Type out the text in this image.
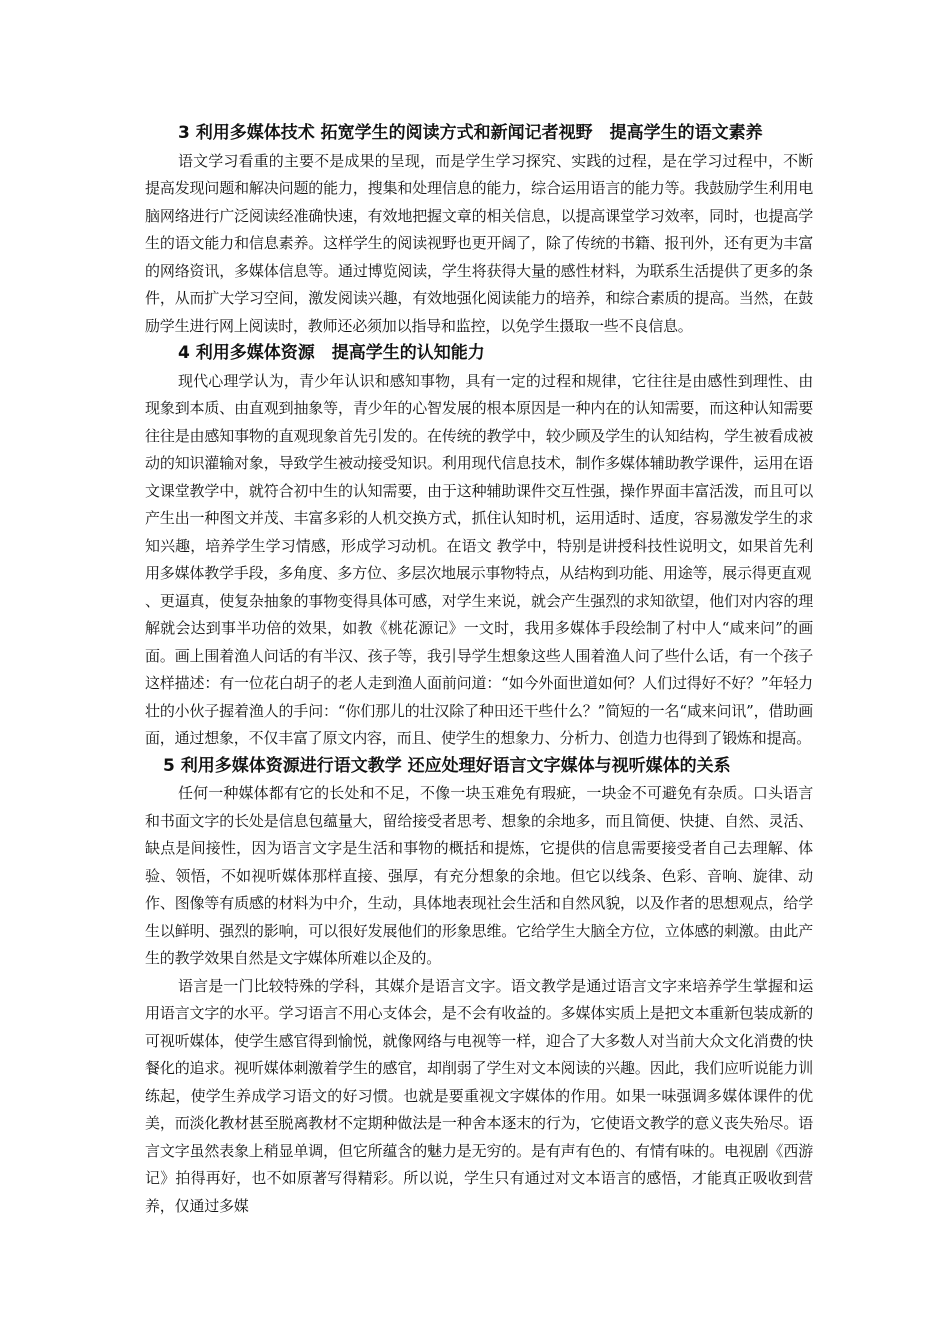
3 利用多媒体技术 拓宽学生的阅读方式和新闻记者视野　提高学生的语文素养

语文学习看重的主要不是成果的呈现，而是学生学习探究、实践的过程，是在学习过程中，不断提高发现问题和解决问题的能力，搜集和处理信息的能力，综合运用语言的能力等。我鼓励学生利用电脑网络进行广泛阅读经准确快速，有效地把握文章的相关信息，以提高课堂学习效率，同时，也提高学生的语文能力和信息素养。这样学生的阅读视野也更开阔了，除了传统的书籍、报刊外，还有更为丰富的网络资讯，多媒体信息等。通过博览阅读，学生将获得大量的感性材料，为联系生活提供了更多的条件，从而扩大学习空间，激发阅读兴趣，有效地强化阅读能力的培养，和综合素质的提高。当然，在鼓励学生进行网上阅读时，教师还必须加以指导和监控，以免学生摄取一些不良信息。

4 利用多媒体资源　提高学生的认知能力

现代心理学认为，青少年认识和感知事物，具有一定的过程和规律，它往往是由感性到理性、由现象到本质、由直观到抽象等，青少年的心智发展的根本原因是一种内在的认知需要，而这种认知需要往往是由感知事物的直观现象首先引发的。在传统的教学中，较少顾及学生的认知结构，学生被看成被动的知识灌输对象，导致学生被动接受知识。利用现代信息技术，制作多媒体辅助教学课件，运用在语文课堂教学中，就符合初中生的认知需要，由于这种辅助课件交互性强，操作界面丰富活泼，而且可以产生出一种图文并茂、丰富多彩的人机交换方式，抓住认知时机，运用适时、适度，容易激发学生的求知兴趣，培养学生学习情感，形成学习动机。在语文 教学中，特别是讲授科技性说明文，如果首先利用多媒体教学手段，多角度、多方位、多层次地展示事物特点，从结构到功能、用途等，展示得更直观

、更逼真，使复杂抽象的事物变得具体可感，对学生来说，就会产生强烈的求知欲望，他们对内容的理解就会达到事半功倍的效果，如教《桃花源记》一文时，我用多媒体手段绘制了村中人“咸来问”的画面。画上围着渔人问话的有半汉、孩子等，我引导学生想象这些人围着渔人问了些什么话，有一个孩子这样描述：有一位花白胡子的老人走到渔人面前问道：“如今外面世道如何？人们过得好不好？”年轻力壮的小伙子握着渔人的手问：“你们那儿的壮汉除了种田还干些什么？”简短的一名“咸来问讯”，借助画面，通过想象，不仅丰富了原文内容，而且、使学生的想象力、分析力、创造力也得到了锻炼和提高。

5 利用多媒体资源进行语文教学 还应处理好语言文字媒体与视听媒体的关系

任何一种媒体都有它的长处和不足，不像一块玉难免有瑕疵，一块金不可避免有杂质。口头语言和书面文字的长处是信息包蕴量大，留给接受者思考、想象的余地多，而且简便、快捷、自然、灵活、缺点是间接性，因为语言文字是生活和事物的概括和提炼，它提供的信息需要接受者自己去理解、体验、领悟，不如视听媒体那样直接、强厚，有充分想象的余地。但它以线条、色彩、音响、旋律、动作、图像等有质感的材料为中介，生动，具体地表现社会生活和自然风貌，以及作者的思想观点，给学生以鲜明、强烈的影响，可以很好发展他们的形象思维。它给学生大脑全方位，立体感的刺激。由此产生的教学效果自然是文字媒体所难以企及的。

语言是一门比较特殊的学科，其媒介是语言文字。语文教学是通过语言文字来培养学生掌握和运用语言文字的水平。学习语言不用心支体会，是不会有收益的。多媒体实质上是把文本重新包装成新的可视听媒体，使学生感官得到愉悦，就像网络与电视等一样，迎合了大多数人对当前大众文化消费的快餐化的追求。视听媒体刺激着学生的感官，却削弱了学生对文本阅读的兴趣。因此，我们应听说能力训练起，使学生养成学习语文的好习惯。也就是要重视文字媒体的作用。如果一味强调多媒体课件的优美，而淡化教材甚至脱离教材不定期种做法是一种舍本逐末的行为，它使语文教学的意义丧失殆尽。语言文字虽然表象上稍显单调，但它所蕴含的魅力是无穷的。是有声有色的、有情有味的。电视剧《西游记》拍得再好，也不如原著写得精彩。所以说，学生只有通过对文本语言的感悟，才能真正吸收到营养，仅通过多媒
